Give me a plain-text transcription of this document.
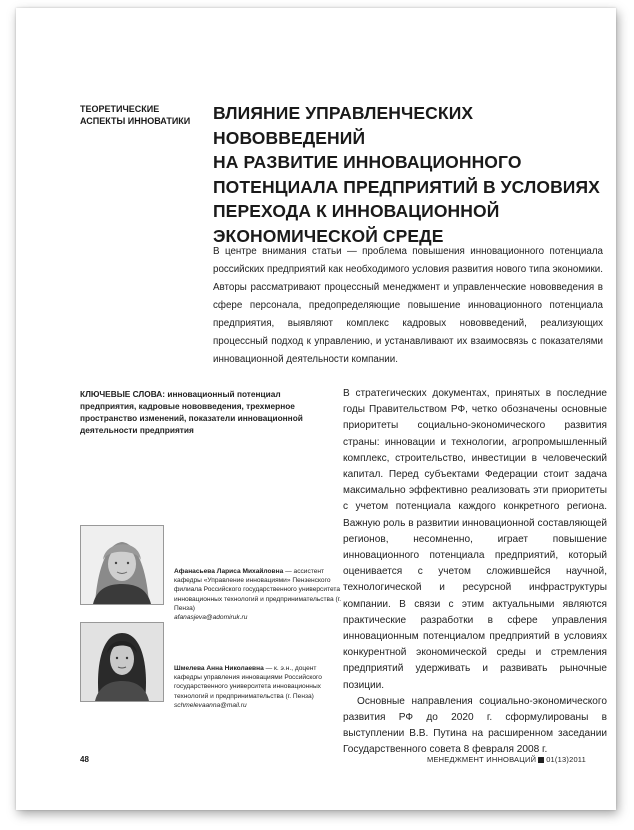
ТЕОРЕТИЧЕСКИЕ
АСПЕКТЫ ИННОВАТИКИ	ВЛИЯНИЕ УПРАВЛЕНЧЕСКИХ НОВОВВЕДЕНИЙ
НА РАЗВИТИЕ ИННОВАЦИОННОГО
ПОТЕНЦИАЛА ПРЕДПРИЯТИЙ В УСЛОВИЯХ
ПЕРЕХОДА К ИННОВАЦИОННОЙ
ЭКОНОМИЧЕСКОЙ СРЕДЕ
В центре внимания статьи — проблема повышения инновационного потенциала российских предприятий как необходимого условия развития нового типа экономики. Авторы рассматривают процессный менеджмент и управленческие нововведения в сфере персонала, предопределяющие повышение инновационного потенциала предприятия, выявляют комплекс кадровых нововведений, реализующих процессный подход к управлению, и устанавливают их взаимосвязь с показателями инновационной деятельности компании.
КЛЮЧЕВЫЕ СЛОВА: инновационный потенциал предприятия, кадровые нововведения, трехмерное пространство изменений, показатели инновационной деятельности предприятия
Афанасьева Лариса Михайловна — ассистент кафедры «Управление инновациями» Пензенского филиала Российского государственного университета инновационных технологий и предпринимательства (г. Пенза)
afanasjeva@adomiruk.ru
Шмелева Анна Николаевна — к. э.н., доцент кафедры управления инновациями Российского государственного университета инновационных технологий и предпринимательства (г. Пенза)
schmelevaanna@mail.ru

В стратегических документах, принятых в последние годы Правительством РФ, четко обозначены основные приоритеты социально-экономического развития страны: инновации и технологии, агропромышленный комплекс, строительство, инвестиции в человеческий капитал. Перед субъектами Федерации стоит задача максимально эффективно реализовать эти приоритеты с учетом потенциала каждого конкретного региона. Важную роль в развитии инновационной составляющей регионов, несомненно, играет повышение инновационного потенциала предприятий, который оценивается с учетом сложившейся научной, технологической и ресурсной инфраструктуры компании. В связи с этим актуальными являются практические разработки в сфере управления инновационным потенциалом предприятий в условиях конкурентной экономической среды и стремления предприятий удерживать и развивать рыночные позиции.

Основные направления социально-экономического развития РФ до 2020 г. сформулированы в выступлении В.В. Путина на расширенном заседании Государственного совета 8 февраля 2008 г.

48	МЕНЕДЖМЕНТ ИННОВАЦИЙ 01(13)2011
